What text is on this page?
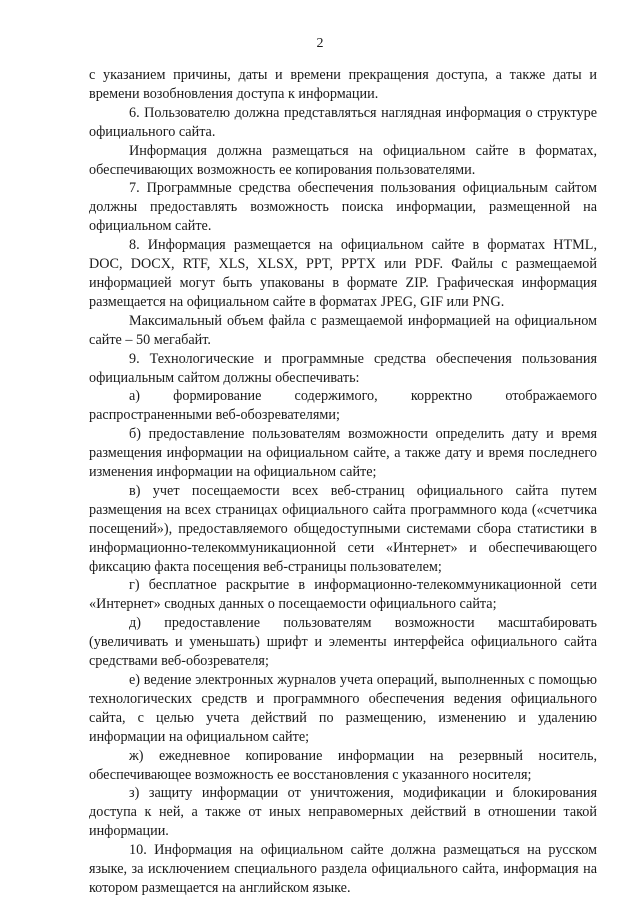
2

с указанием причины, даты и времени прекращения доступа, а также даты и времени возобновления доступа к информации.

6. Пользователю должна представляться наглядная информация о структуре официального сайта.

Информация должна размещаться на официальном сайте в форматах, обеспечивающих возможность ее копирования пользователями.

7. Программные средства обеспечения пользования официальным сайтом должны предоставлять возможность поиска информации, размещенной на официальном сайте.

8. Информация размещается на официальном сайте в форматах HTML, DOC, DOCX, RTF, XLS, XLSX, PPT, PPTX или PDF. Файлы с размещаемой информацией могут быть упакованы в формате ZIP. Графическая информация размещается на официальном сайте в форматах JPEG, GIF или PNG.

Максимальный объем файла с размещаемой информацией на официальном сайте – 50 мегабайт.

9. Технологические и программные средства обеспечения пользования официальным сайтом должны обеспечивать:

а) формирование содержимого, корректно отображаемого распространенными веб-обозревателями;

б) предоставление пользователям возможности определить дату и время размещения информации на официальном сайте, а также дату и время последнего изменения информации на официальном сайте;

в) учет посещаемости всех веб-страниц официального сайта путем размещения на всех страницах официального сайта программного кода («счетчика посещений»), предоставляемого общедоступными системами сбора статистики в информационно-телекоммуникационной сети «Интернет» и обеспечивающего фиксацию факта посещения веб-страницы пользователем;

г) бесплатное раскрытие в информационно-телекоммуникационной сети «Интернет» сводных данных о посещаемости официального сайта;

д) предоставление пользователям возможности масштабировать (увеличивать и уменьшать) шрифт и элементы интерфейса официального сайта средствами веб-обозревателя;

е) ведение электронных журналов учета операций, выполненных с помощью технологических средств и программного обеспечения ведения официального сайта, с целью учета действий по размещению, изменению и удалению информации на официальном сайте;

ж) ежедневное копирование информации на резервный носитель, обеспечивающее возможность ее восстановления с указанного носителя;

з) защиту информации от уничтожения, модификации и блокирования доступа к ней, а также от иных неправомерных действий в отношении такой информации.

10. Информация на официальном сайте должна размещаться на русском языке, за исключением специального раздела официального сайта, информация на котором размещается на английском языке.
